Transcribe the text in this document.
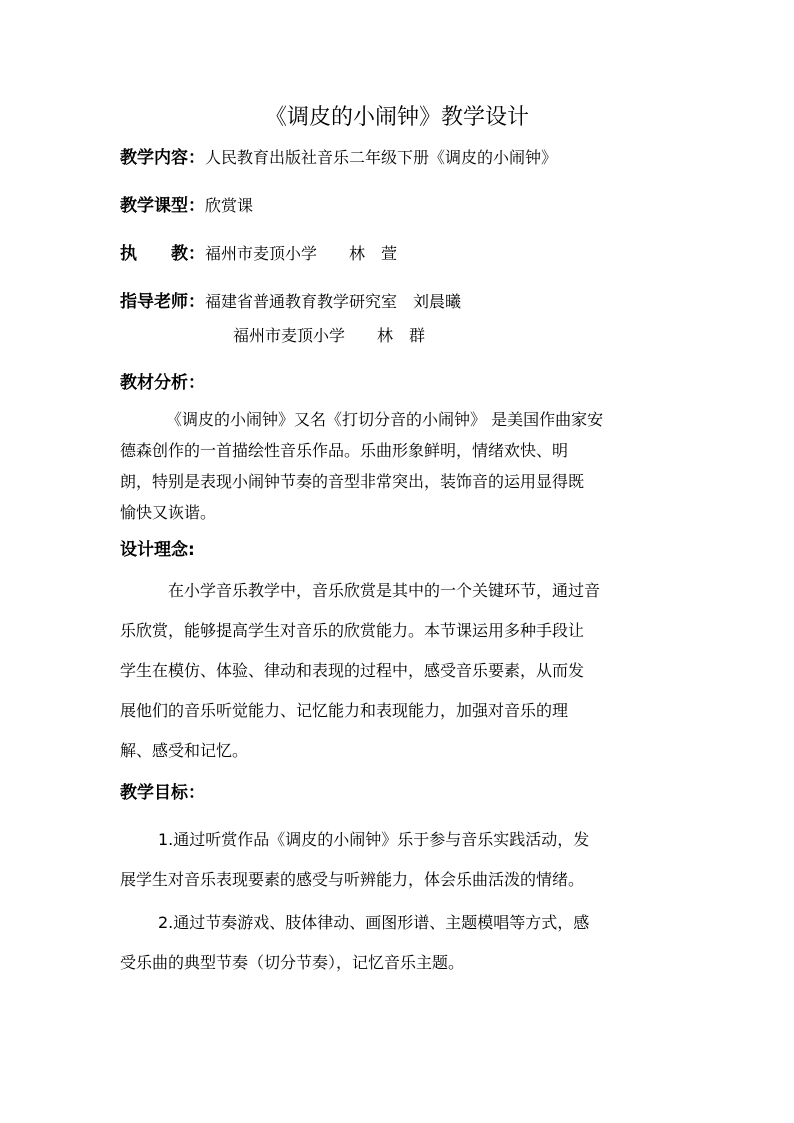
《调皮的小闹钟》教学设计
教学内容：人民教育出版社音乐二年级下册《调皮的小闹钟》
教学课型：欣赏课
执　　教：福州市麦顶小学　　林　萱
指导老师：福建省普通教育教学研究室　刘晨曦
福州市麦顶小学　　林　群
教材分析：
《调皮的小闹钟》又名《打切分音的小闹钟》 是美国作曲家安
德森创作的一首描绘性音乐作品。乐曲形象鲜明，情绪欢快、明
朗，特别是表现小闹钟节奏的音型非常突出，装饰音的运用显得既
愉快又诙谐。
设计理念:
在小学音乐教学中，音乐欣赏是其中的一个关键环节，通过音
乐欣赏，能够提高学生对音乐的欣赏能力。本节课运用多种手段让
学生在模仿、体验、律动和表现的过程中，感受音乐要素，从而发
展他们的音乐听觉能力、记忆能力和表现能力，加强对音乐的理
解、感受和记忆。
教学目标：
1.通过听赏作品《调皮的小闹钟》乐于参与音乐实践活动，发
展学生对音乐表现要素的感受与听辨能力，体会乐曲活泼的情绪。
2.通过节奏游戏、肢体律动、画图形谱、主题模唱等方式，感
受乐曲的典型节奏（切分节奏），记忆音乐主题。
